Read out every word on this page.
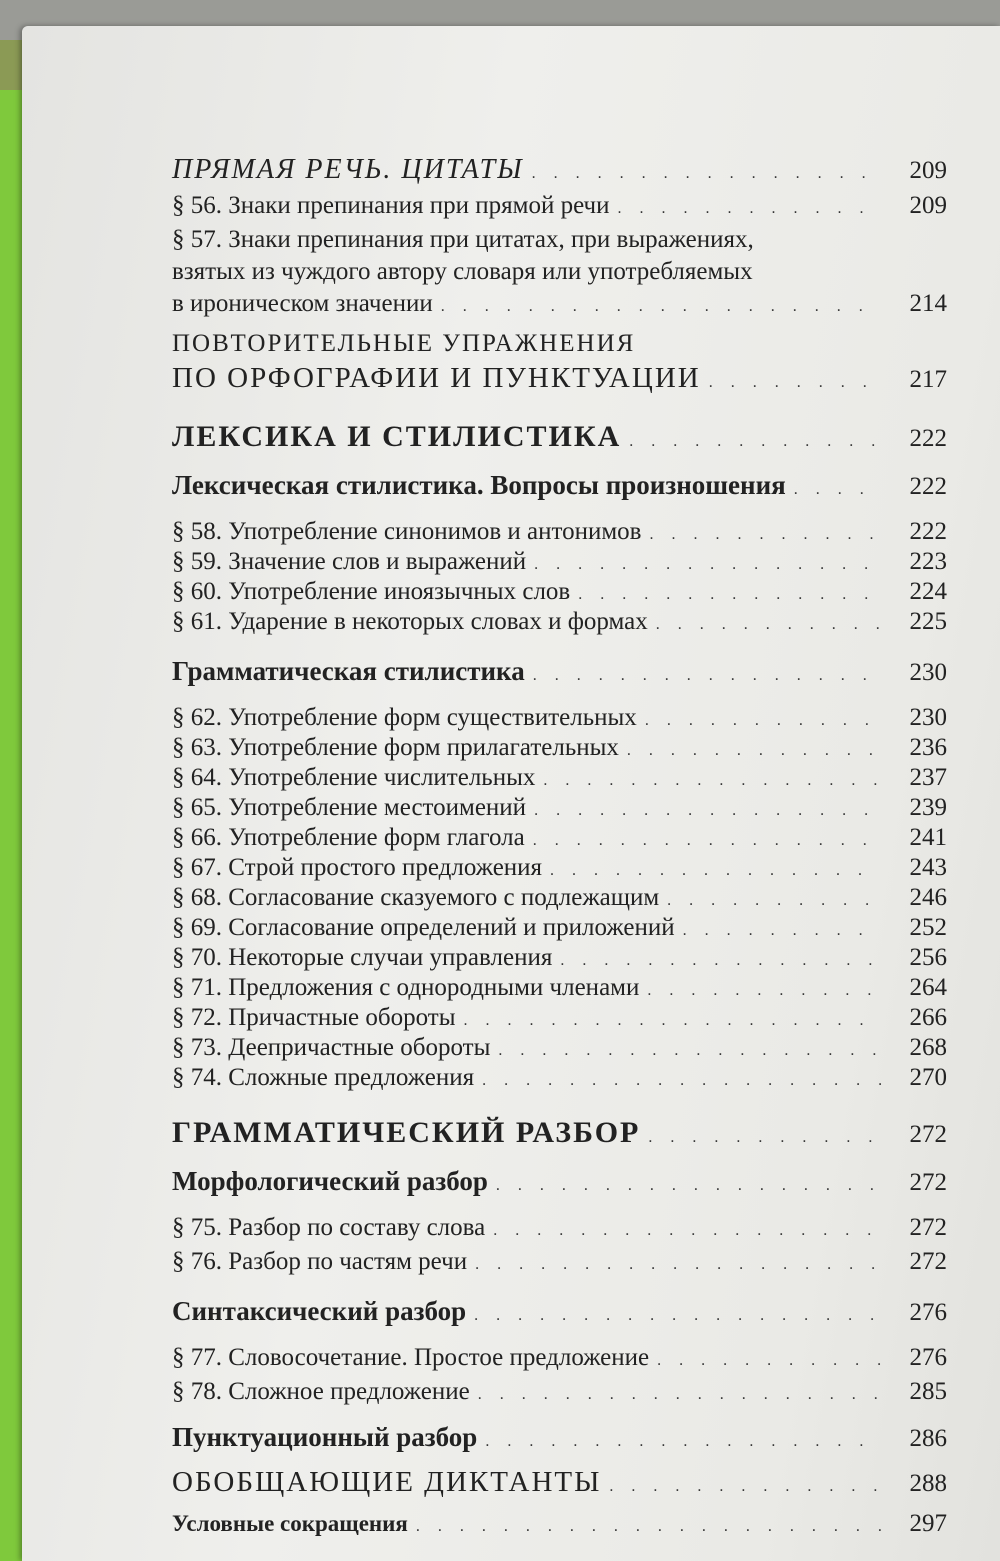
ПРЯМАЯ РЕЧЬ. ЦИТАТЫ . . .	209
§ 56. Знаки препинания при прямой речи . . .	209
§ 57. Знаки препинания при цитатах, при выражениях,
взятых из чуждого автору словаря или употребляемых
в ироническом значении . . .	214
ПОВТОРИТЕЛЬНЫЕ УПРАЖНЕНИЯ
ПО ОРФОГРАФИИ И ПУНКТУАЦИИ . . .	217
ЛЕКСИКА И СТИЛИСТИКА . . .	222
Лексическая стилистика. Вопросы произношения . . .	222
§ 58. Употребление синонимов и антонимов . . .	222
§ 59. Значение слов и выражений . . .	223
§ 60. Употребление иноязычных слов . . .	224
§ 61. Ударение в некоторых словах и формах . . .	225
Грамматическая стилистика . . .	230
§ 62. Употребление форм существительных . . .	230
§ 63. Употребление форм прилагательных . . .	236
§ 64. Употребление числительных . . .	237
§ 65. Употребление местоимений . . .	239
§ 66. Употребление форм глагола . . .	241
§ 67. Строй простого предложения . . .	243
§ 68. Согласование сказуемого с подлежащим . . .	246
§ 69. Согласование определений и приложений . . .	252
§ 70. Некоторые случаи управления . . .	256
§ 71. Предложения с однородными членами . . .	264
§ 72. Причастные обороты . . .	266
§ 73. Деепричастные обороты . . .	268
§ 74. Сложные предложения . . .	270
ГРАММАТИЧЕСКИЙ РАЗБОР . . .	272
Морфологический разбор . . .	272
§ 75. Разбор по составу слова . . .	272
§ 76. Разбор по частям речи . . .	272
Синтаксический разбор . . .	276
§ 77. Словосочетание. Простое предложение . . .	276
§ 78. Сложное предложение . . .	285
Пунктуационный разбор . . .	286
ОБОБЩАЮЩИЕ ДИКТАНТЫ . . .	288
Условные сокращения . . .	297
